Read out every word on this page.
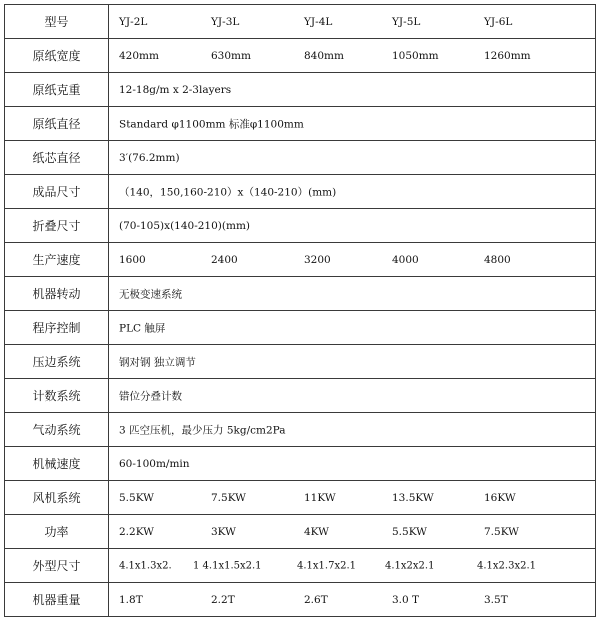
型号	YJ-2L YJ-3L YJ-4L YJ-5L YJ-6L

原纸宽度	420mm 630mm 840mm 1050mm 1260mm

原纸克重	12-18g/m x 2-3layers

原纸直径	Standard φ1100mm 标准φ1100mm

纸芯直径	3′(76.2mm)

成品尺寸	（140，150,160-210）x（140-210）(mm)

折叠尺寸	(70-105)x(140-210)(mm)

生产速度	1600 2400 3200 4000 4800

机器转动	无极变速系统

程序控制	PLC 触屏

压边系统	钢对钢 独立调节

计数系统	错位分叠计数

气动系统	3 匹空压机，最少压力 5kg/cm2Pa

机械速度	60-100m/min

风机系统	5.5KW 7.5KW 11KW 13.5KW 16KW

功率	2.2KW 3KW 4KW 5.5KW 7.5KW

外型尺寸	4.1x1.3x2. 1 4.1x1.5x2.1 4.1x1.7x2.1 4.1x2x2.1 4.1x2.3x2.1

机器重量	1.8T 2.2T 2.6T 3.0 T 3.5T
